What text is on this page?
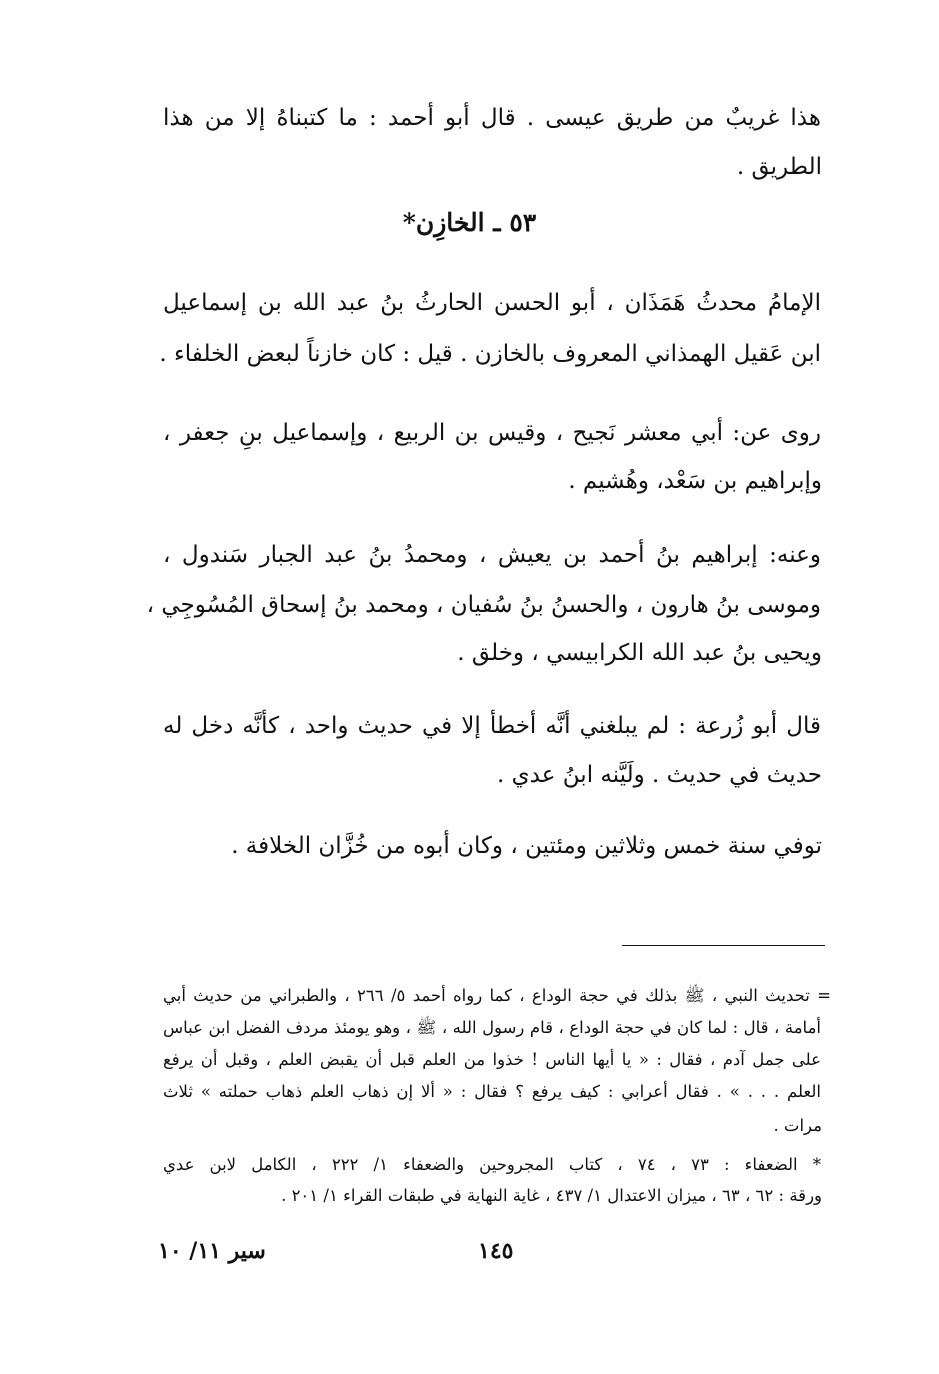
هذا غريبٌ من طريق عيسى . قال أبو أحمد : ما كتبناهُ إلا من هذا
الطريق .
٥٣ ـ الخازِن*
الإمامُ محدثُ هَمَذَان ، أبو الحسن الحارثُ بنُ عبد الله بن إسماعيل
ابن عَقيل الهمذاني المعروف بالخازن . قيل : كان خازناً لبعض الخلفاء .
روى عن: أبي معشر نَجيح ، وقيس بن الربيع ، وإسماعيل بنِ جعفر ،
وإبراهيم بن سَعْد، وهُشيم .
وعنه: إبراهيم بنُ أحمد بن يعيش ، ومحمدُ بنُ عبد الجبار سَندول ،
وموسى بنُ هارون ، والحسنُ بنُ سُفيان ، ومحمد بنُ إسحاق المُسُوجِي ،
ويحيى بنُ عبد الله الكرابيسي ، وخلق .
قال أبو زُرعة : لم يبلغني أنَّه أخطأ إلا في حديث واحد ، كأنَّه دخل له
حديث في حديث . ولَيَّنه ابنُ عدي .
توفي سنة خمس وثلاثين ومئتين ، وكان أبوه من خُزَّان الخلافة .
= تحديث النبي ، ﷺ بذلك في حجة الوداع ، كما رواه أحمد ٥/ ٢٦٦ ، والطبراني من حديث أبي
أمامة ، قال : لما كان في حجة الوداع ، قام رسول الله ، ﷺ ، وهو يومئذ مردف الفضل ابن عباس
على جمل آدم ، فقال : « يا أيها الناس ! خذوا من العلم قبل أن يقبض العلم ، وقبل أن يرفع
العلم . . . » . فقال أعرابي : كيف يرفع ؟ فقال : « ألا إن ذهاب العلم ذهاب حملته » ثلاث
مرات .
* الضعفاء : ٧٣ ، ٧٤ ، كتاب المجروحين والضعفاء ١/ ٢٢٢ ، الكامل لابن عدي
ورقة : ٦٢ ، ٦٣ ، ميزان الاعتدال ١/ ٤٣٧ ، غاية النهاية في طبقات القراء ١/ ٢٠١ .
١٤٥
سير ١١/ ١٠
